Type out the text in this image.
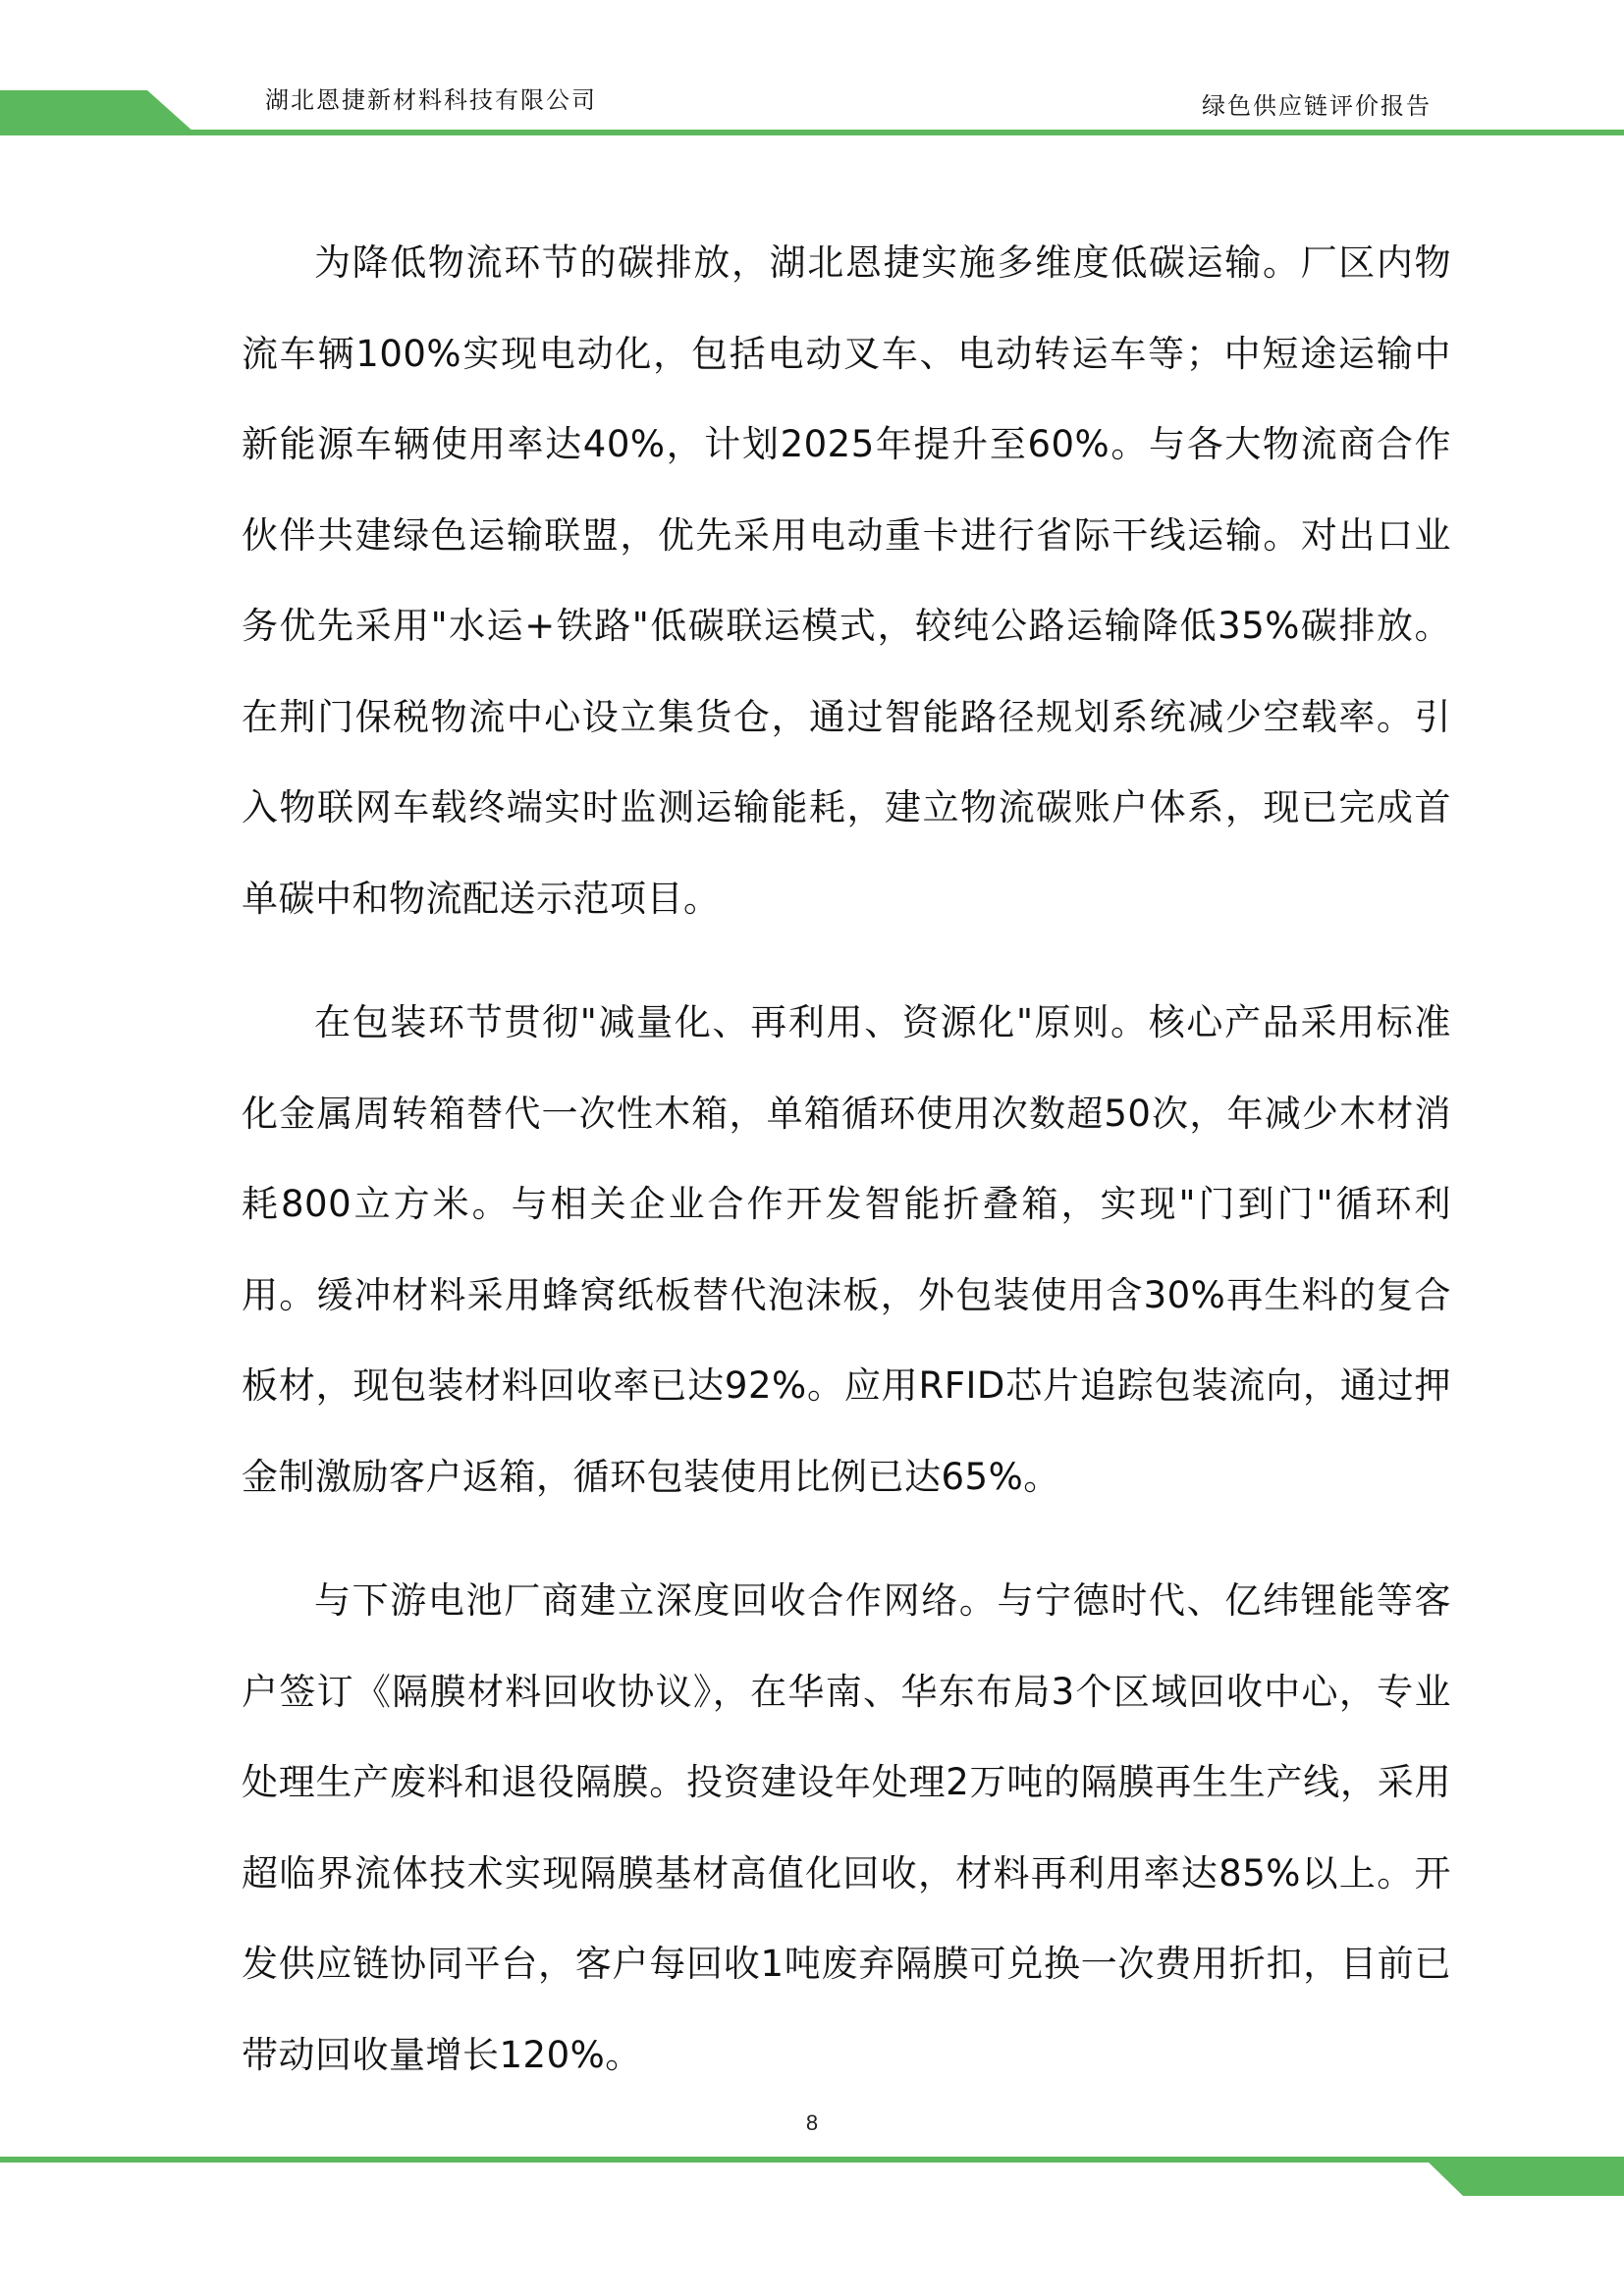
湖北恩捷新材料科技有限公司	绿色供应链评价报告

为降低物流环节的碳排放，湖北恩捷实施多维度低碳运输。厂区内物流车辆100%实现电动化，包括电动叉车、电动转运车等；中短途运输中新能源车辆使用率达40%，计划2025年提升至60%。与各大物流商合作伙伴共建绿色运输联盟，优先采用电动重卡进行省际干线运输。对出口业务优先采用"水运+铁路"低碳联运模式，较纯公路运输降低35%碳排放。在荆门保税物流中心设立集货仓，通过智能路径规划系统减少空载率。引入物联网车载终端实时监测运输能耗，建立物流碳账户体系，现已完成首单碳中和物流配送示范项目。

在包装环节贯彻"减量化、再利用、资源化"原则。核心产品采用标准化金属周转箱替代一次性木箱，单箱循环使用次数超50次，年减少木材消耗800立方米。与相关企业合作开发智能折叠箱，实现"门到门"循环利用。缓冲材料采用蜂窝纸板替代泡沫板，外包装使用含30%再生料的复合板材，现包装材料回收率已达92%。应用RFID芯片追踪包装流向，通过押金制激励客户返箱，循环包装使用比例已达65%。

与下游电池厂商建立深度回收合作网络。与宁德时代、亿纬锂能等客户签订《隔膜材料回收协议》，在华南、华东布局3个区域回收中心，专业处理生产废料和退役隔膜。投资建设年处理2万吨的隔膜再生生产线，采用超临界流体技术实现隔膜基材高值化回收，材料再利用率达85%以上。开发供应链协同平台，客户每回收1吨废弃隔膜可兑换一次费用折扣，目前已带动回收量增长120%。

8
